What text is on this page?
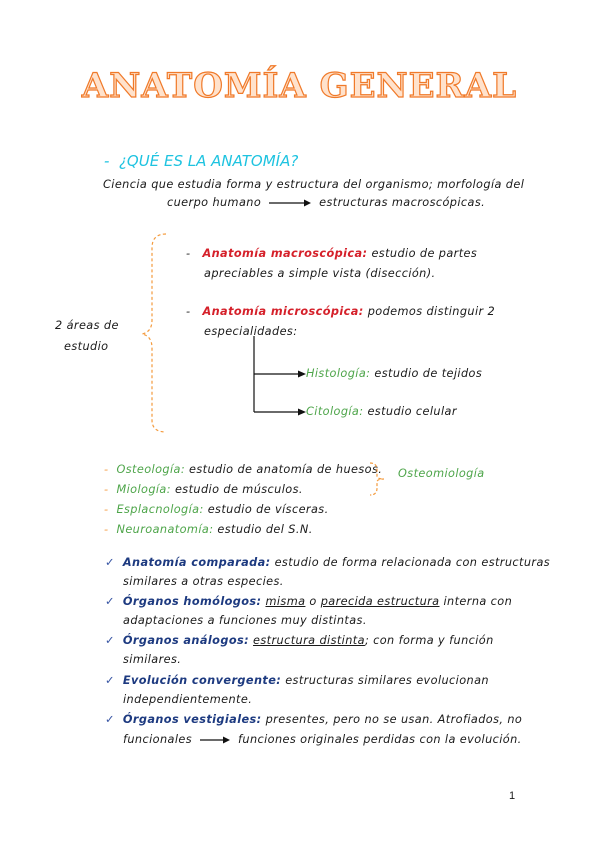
ANATOMÍA GENERAL
- ¿QUÉ ES LA ANATOMÍA?
Ciencia que estudia forma y estructura del organismo; morfología del
cuerpo humano	estructuras macroscópicas.
2 áreas de
estudio
- Anatomía macroscópica: estudio de partes
apreciables a simple vista (disección).
- Anatomía microscópica: podemos distinguir 2
especialidades:
Histología: estudio de tejidos
Citología: estudio celular
- Osteología: estudio de anatomía de huesos.
- Miología: estudio de músculos.
- Esplacnología: estudio de vísceras.
- Neuroanatomía: estudio del S.N.
Osteomiología
✓ Anatomía comparada: estudio de forma relacionada con estructuras
similares a otras especies.
✓ Órganos homólogos: misma o parecida estructura interna con
adaptaciones a funciones muy distintas.
✓ Órganos análogos: estructura distinta; con forma y función
similares.
✓ Evolución convergente: estructuras similares evolucionan
independientemente.
✓ Órganos vestigiales: presentes, pero no se usan. Atrofiados, no
funcionales	funciones originales perdidas con la evolución.
1
